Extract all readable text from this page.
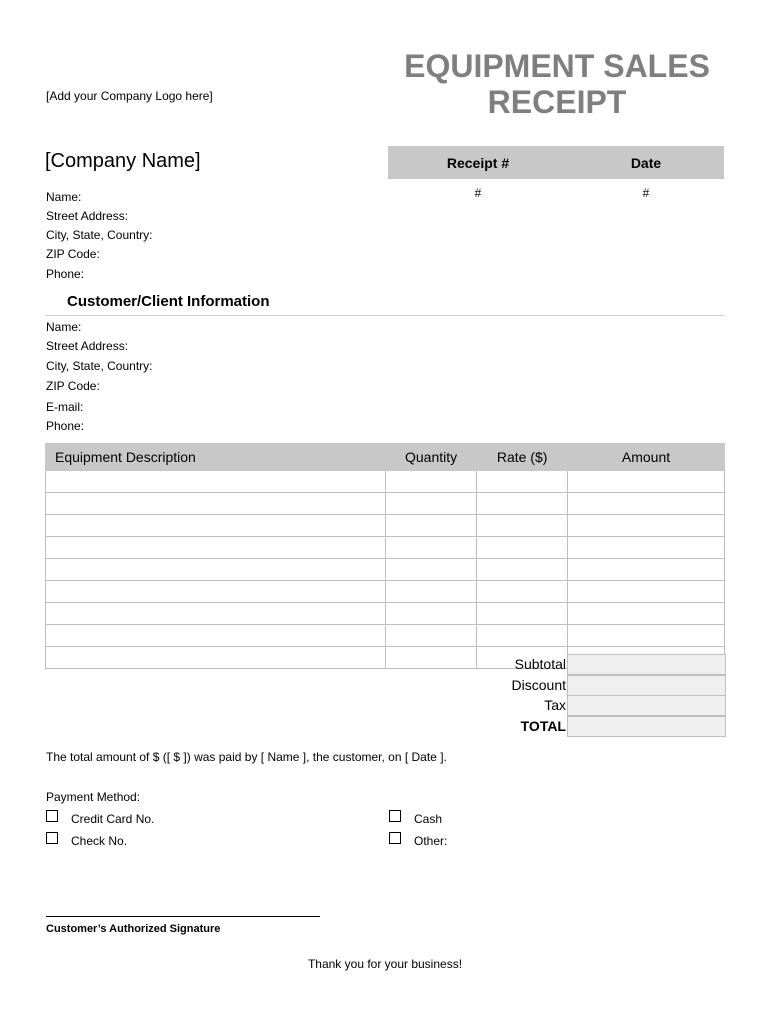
[Add your Company Logo here]
EQUIPMENT SALES
RECEIPT
[Company Name]	Receipt #	Date
#	#
Name:
Street Address:
City, State, Country:
ZIP Code:
Phone:
Customer/Client Information
Name:
Street Address:
City, State, Country:
ZIP Code:
E-mail:
Phone:
Equipment Description	Quantity	Rate ($)	Amount

Subtotal
Discount
Tax
TOTAL
The total amount of $ ([ $ ]) was paid by [ Name ], the customer, on [ Date ].
Payment Method:
Credit Card No.
Check No.
Cash
Other:
Customer’s Authorized Signature
Thank you for your business!
